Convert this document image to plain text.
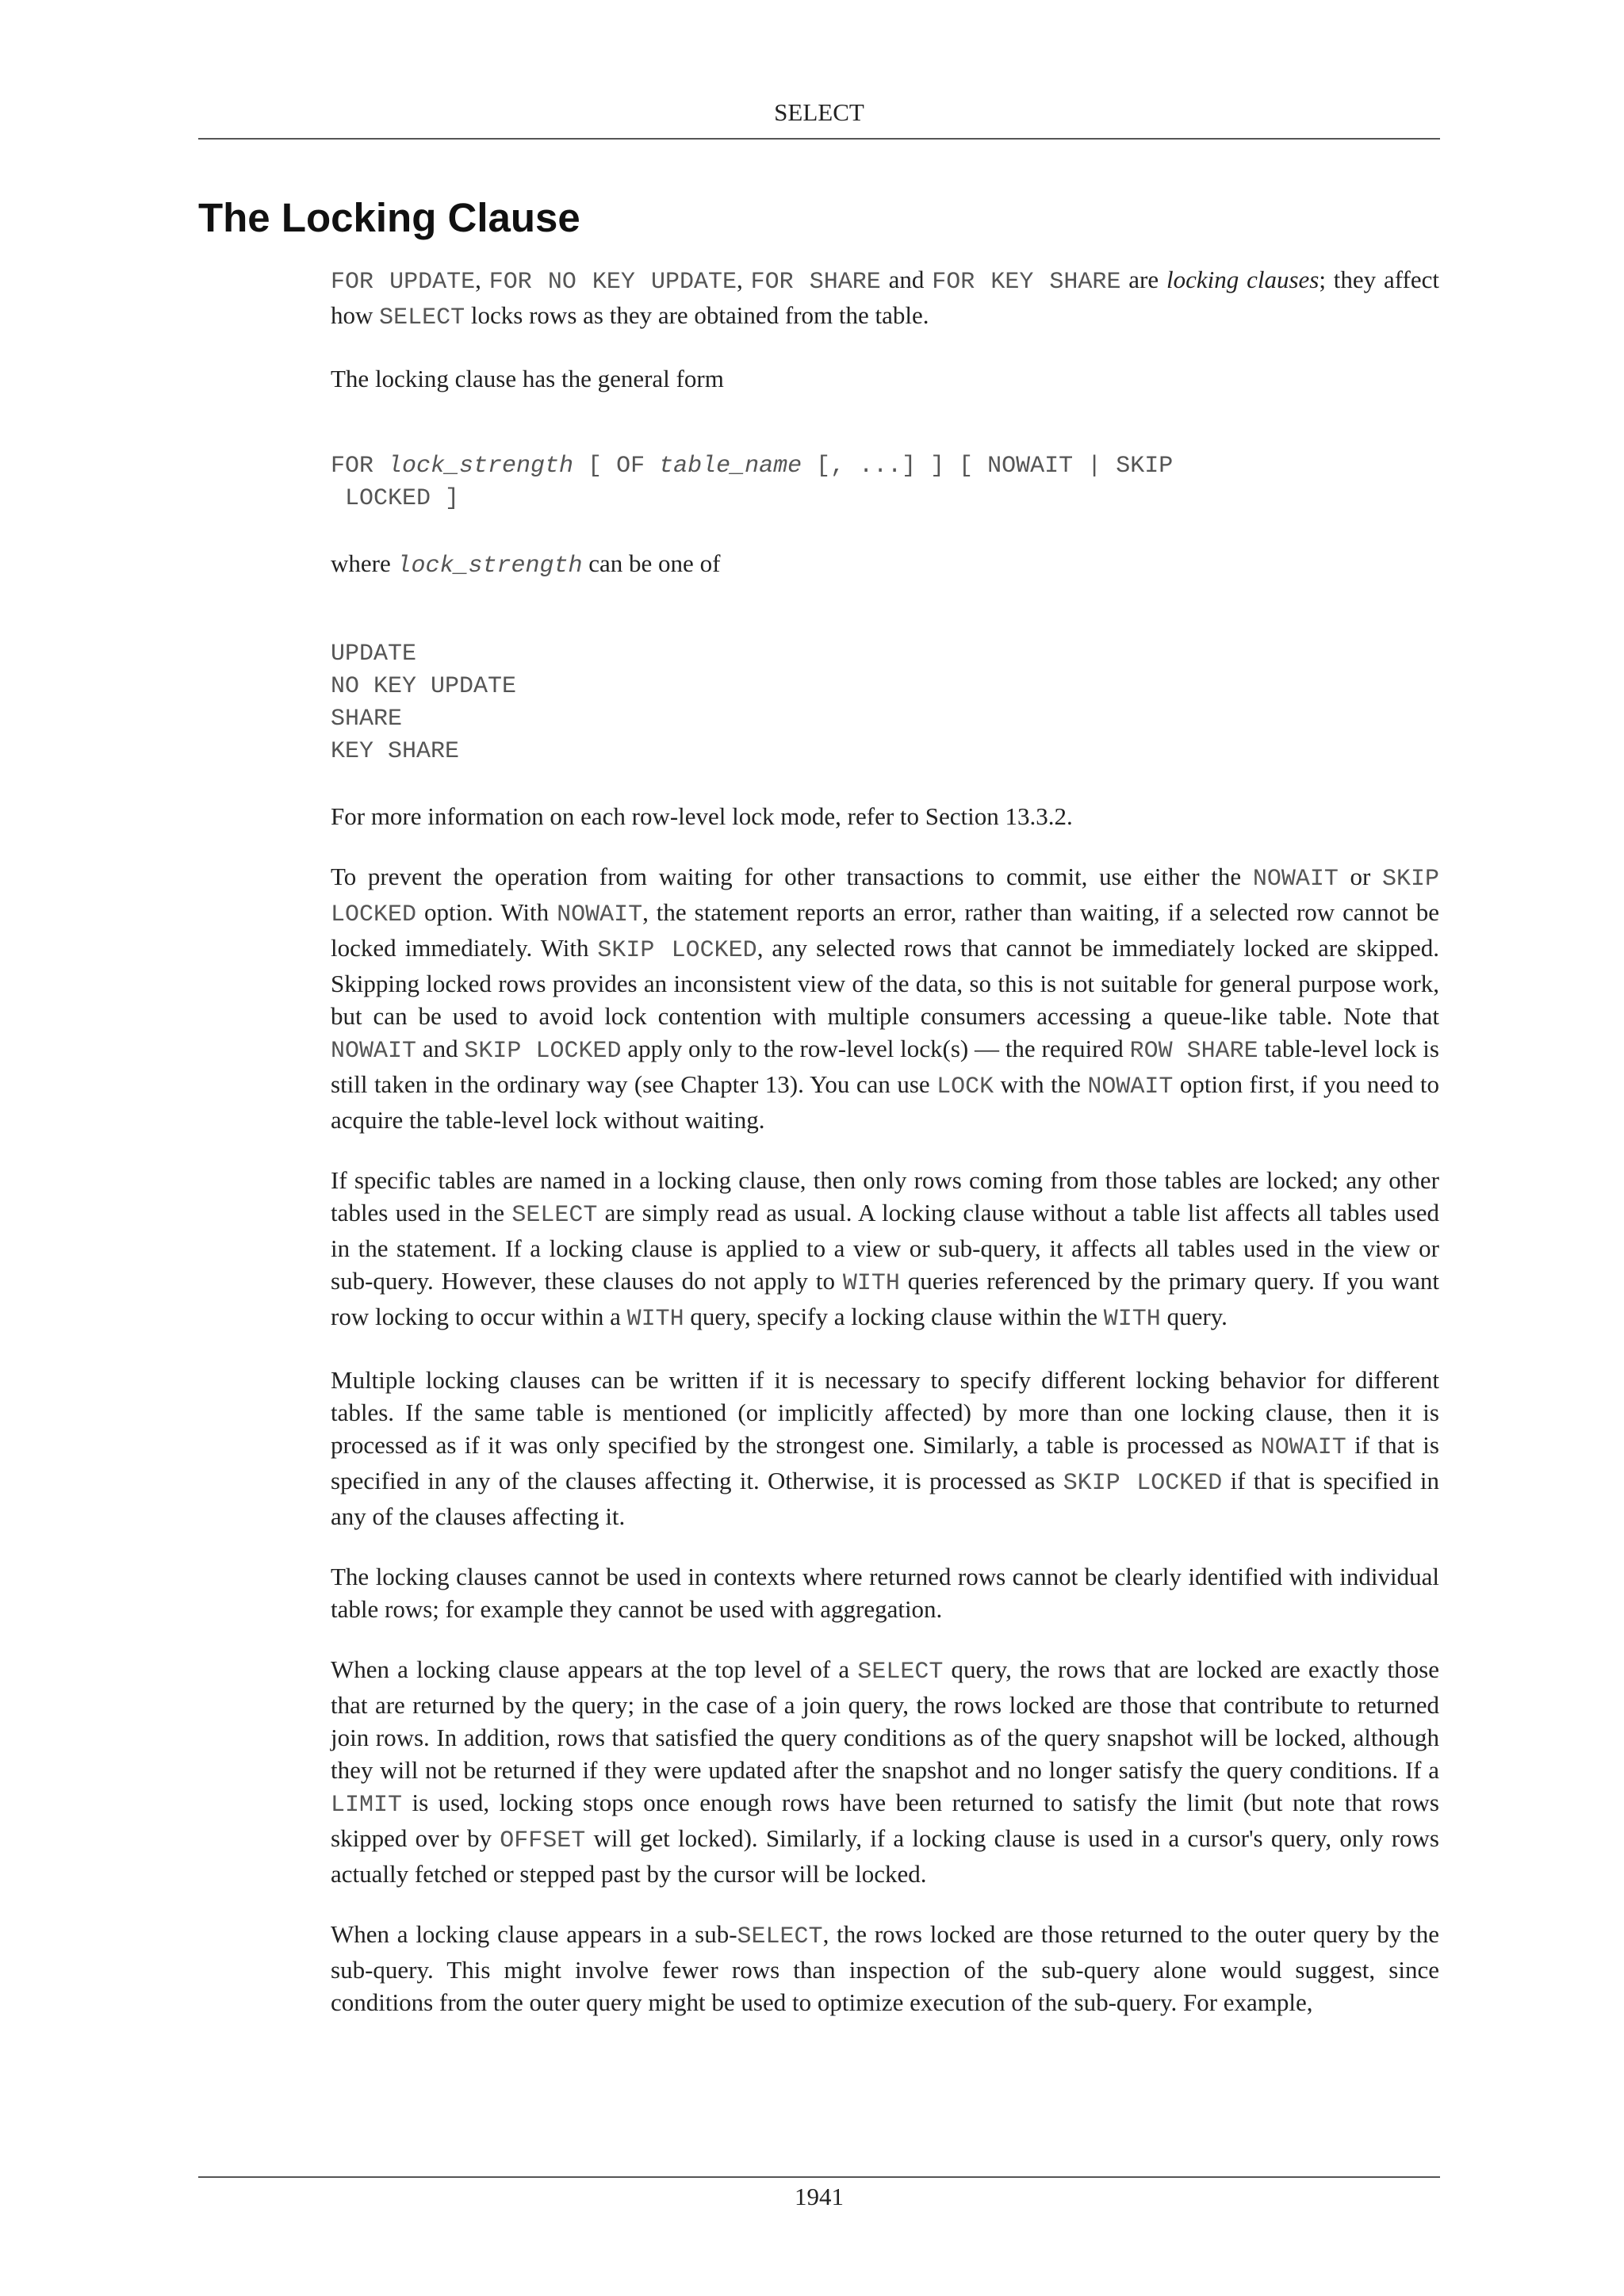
SELECT
The Locking Clause

FOR UPDATE, FOR NO KEY UPDATE, FOR SHARE and FOR KEY SHARE are locking clauses; they affect how SELECT locks rows as they are obtained from the table.

The locking clause has the general form

FOR lock_strength [ OF table_name [, ...] ] [ NOWAIT | SKIP
LOCKED ]

where lock_strength can be one of

UPDATE
NO KEY UPDATE
SHARE
KEY SHARE

For more information on each row-level lock mode, refer to Section 13.3.2.

To prevent the operation from waiting for other transactions to commit, use either the NOWAIT or SKIP LOCKED option. With NOWAIT, the statement reports an error, rather than waiting, if a selected row cannot be locked immediately. With SKIP LOCKED, any selected rows that cannot be immediately locked are skipped. Skipping locked rows provides an inconsistent view of the data, so this is not suitable for general purpose work, but can be used to avoid lock contention with multiple consumers accessing a queue-like table. Note that NOWAIT and SKIP LOCKED apply only to the row-level lock(s) — the required ROW SHARE table-level lock is still taken in the ordinary way (see Chapter 13). You can use LOCK with the NOWAIT option first, if you need to acquire the table-level lock without waiting.

If specific tables are named in a locking clause, then only rows coming from those tables are locked; any other tables used in the SELECT are simply read as usual. A locking clause without a table list affects all tables used in the statement. If a locking clause is applied to a view or sub-query, it affects all tables used in the view or sub-query. However, these clauses do not apply to WITH queries referenced by the primary query. If you want row locking to occur within a WITH query, specify a locking clause within the WITH query.

Multiple locking clauses can be written if it is necessary to specify different locking behavior for different tables. If the same table is mentioned (or implicitly affected) by more than one locking clause, then it is processed as if it was only specified by the strongest one. Similarly, a table is processed as NOWAIT if that is specified in any of the clauses affecting it. Otherwise, it is processed as SKIP LOCKED if that is specified in any of the clauses affecting it.

The locking clauses cannot be used in contexts where returned rows cannot be clearly identified with individual table rows; for example they cannot be used with aggregation.

When a locking clause appears at the top level of a SELECT query, the rows that are locked are exactly those that are returned by the query; in the case of a join query, the rows locked are those that contribute to returned join rows. In addition, rows that satisfied the query conditions as of the query snapshot will be locked, although they will not be returned if they were updated after the snapshot and no longer satisfy the query conditions. If a LIMIT is used, locking stops once enough rows have been returned to satisfy the limit (but note that rows skipped over by OFFSET will get locked). Similarly, if a locking clause is used in a cursor's query, only rows actually fetched or stepped past by the cursor will be locked.

When a locking clause appears in a sub-SELECT, the rows locked are those returned to the outer query by the sub-query. This might involve fewer rows than inspection of the sub-query alone would suggest, since conditions from the outer query might be used to optimize execution of the sub-query. For example,

1941
